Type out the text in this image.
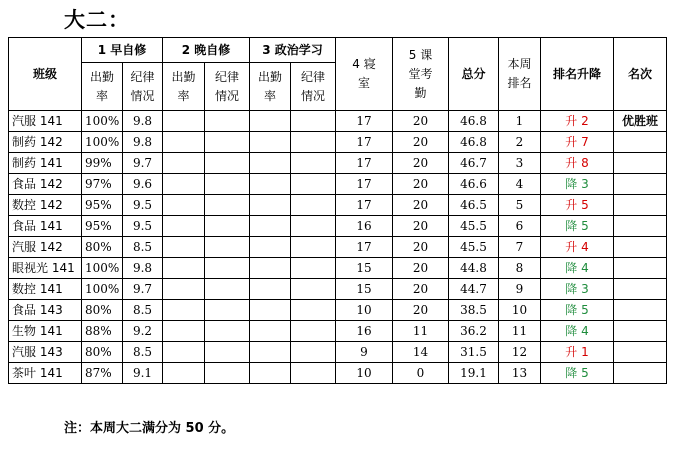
大二：
班级	1 早自修		2 晚自修		3 政治学习		4 寝室	5 课堂考勤	总分	本周排名	排名升降	名次
	出勤率	纪律情况	出勤率	纪律情况	出勤率	纪律情况						
汽服 141	100%	9.8					17	20	46.8	1	升 2	优胜班
制药 142	100%	9.8					17	20	46.8	2	升 7	
制药 141	99%	9.7					17	20	46.7	3	升 8	
食品 142	97%	9.6					17	20	46.6	4	降 3	
数控 142	95%	9.5					17	20	46.5	5	升 5	
食品 141	95%	9.5					16	20	45.5	6	降 5	
汽服 142	80%	8.5					17	20	45.5	7	升 4	
眼视光 141	100%	9.8					15	20	44.8	8	降 4	
数控 141	100%	9.7					15	20	44.7	9	降 3	
食品 143	80%	8.5					10	20	38.5	10	降 5	
生物 141	88%	9.2					16	11	36.2	11	降 4	
汽服 143	80%	8.5					9	14	31.5	12	升 1	
茶叶 141	87%	9.1					10	0	19.1	13	降 5	
注：本周大二满分为 50 分。
